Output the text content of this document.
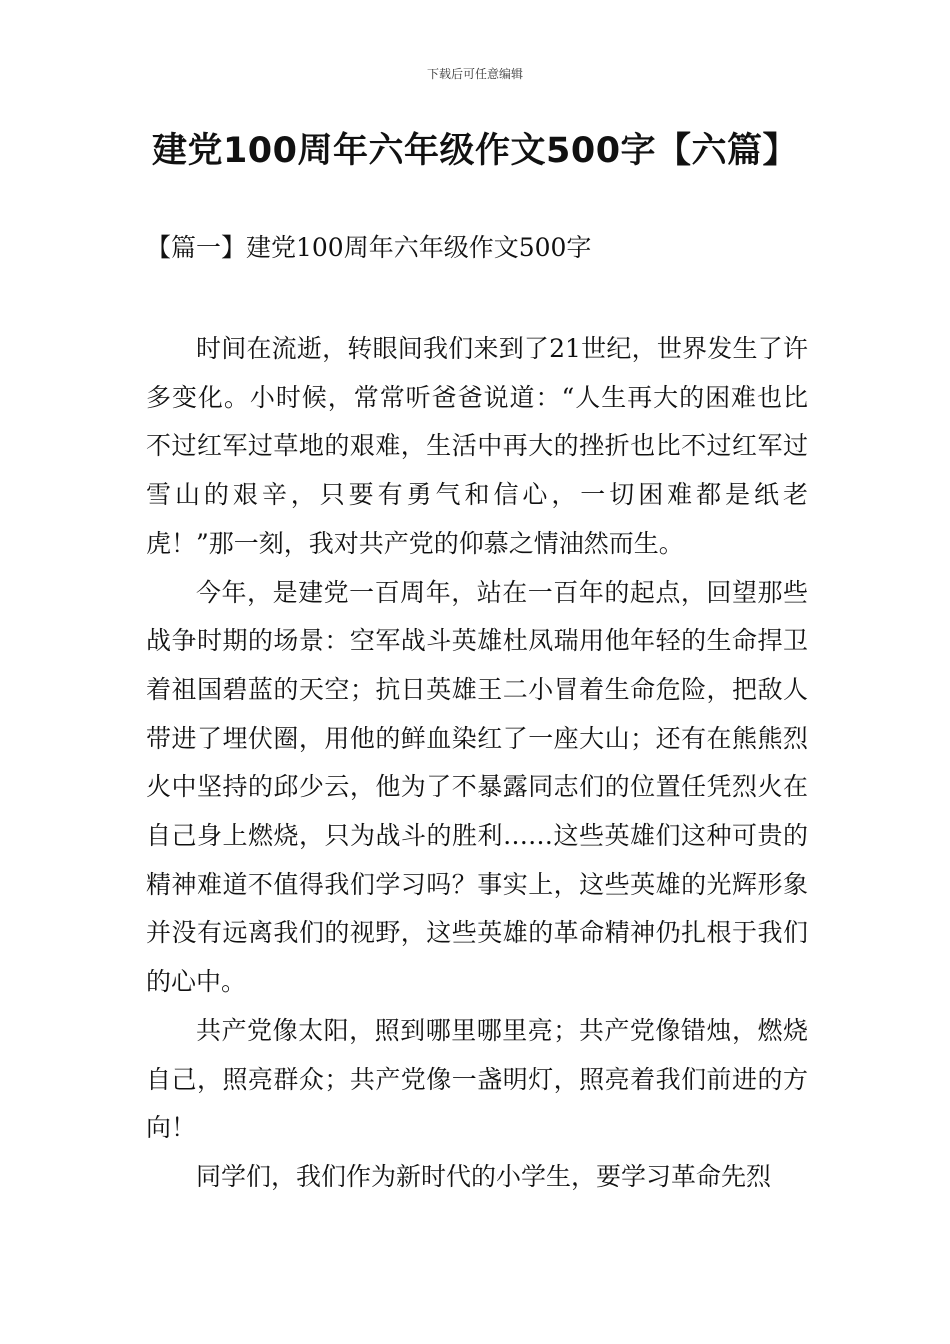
下载后可任意编辑
建党100周年六年级作文500字【六篇】
【篇一】建党100周年六年级作文500字

时间在流逝，转眼间我们来到了21世纪，世界发生了许多变化。小时候，常常听爸爸说道：“人生再大的困难也比不过红军过草地的艰难，生活中再大的挫折也比不过红军过雪山的艰辛，只要有勇气和信心，一切困难都是纸老虎！”那一刻，我对共产党的仰慕之情油然而生。

今年，是建党一百周年，站在一百年的起点，回望那些战争时期的场景：空军战斗英雄杜凤瑞用他年轻的生命捍卫着祖国碧蓝的天空；抗日英雄王二小冒着生命危险，把敌人带进了埋伏圈，用他的鲜血染红了一座大山；还有在熊熊烈火中坚持的邱少云，他为了不暴露同志们的位置任凭烈火在自己身上燃烧，只为战斗的胜利……这些英雄们这种可贵的精神难道不值得我们学习吗？事实上，这些英雄的光辉形象并没有远离我们的视野，这些英雄的革命精神仍扎根于我们的心中。

共产党像太阳，照到哪里哪里亮；共产党像错烛，燃烧自己，照亮群众；共产党像一盏明灯，照亮着我们前进的方向！

同学们，我们作为新时代的小学生，要学习革命先烈
